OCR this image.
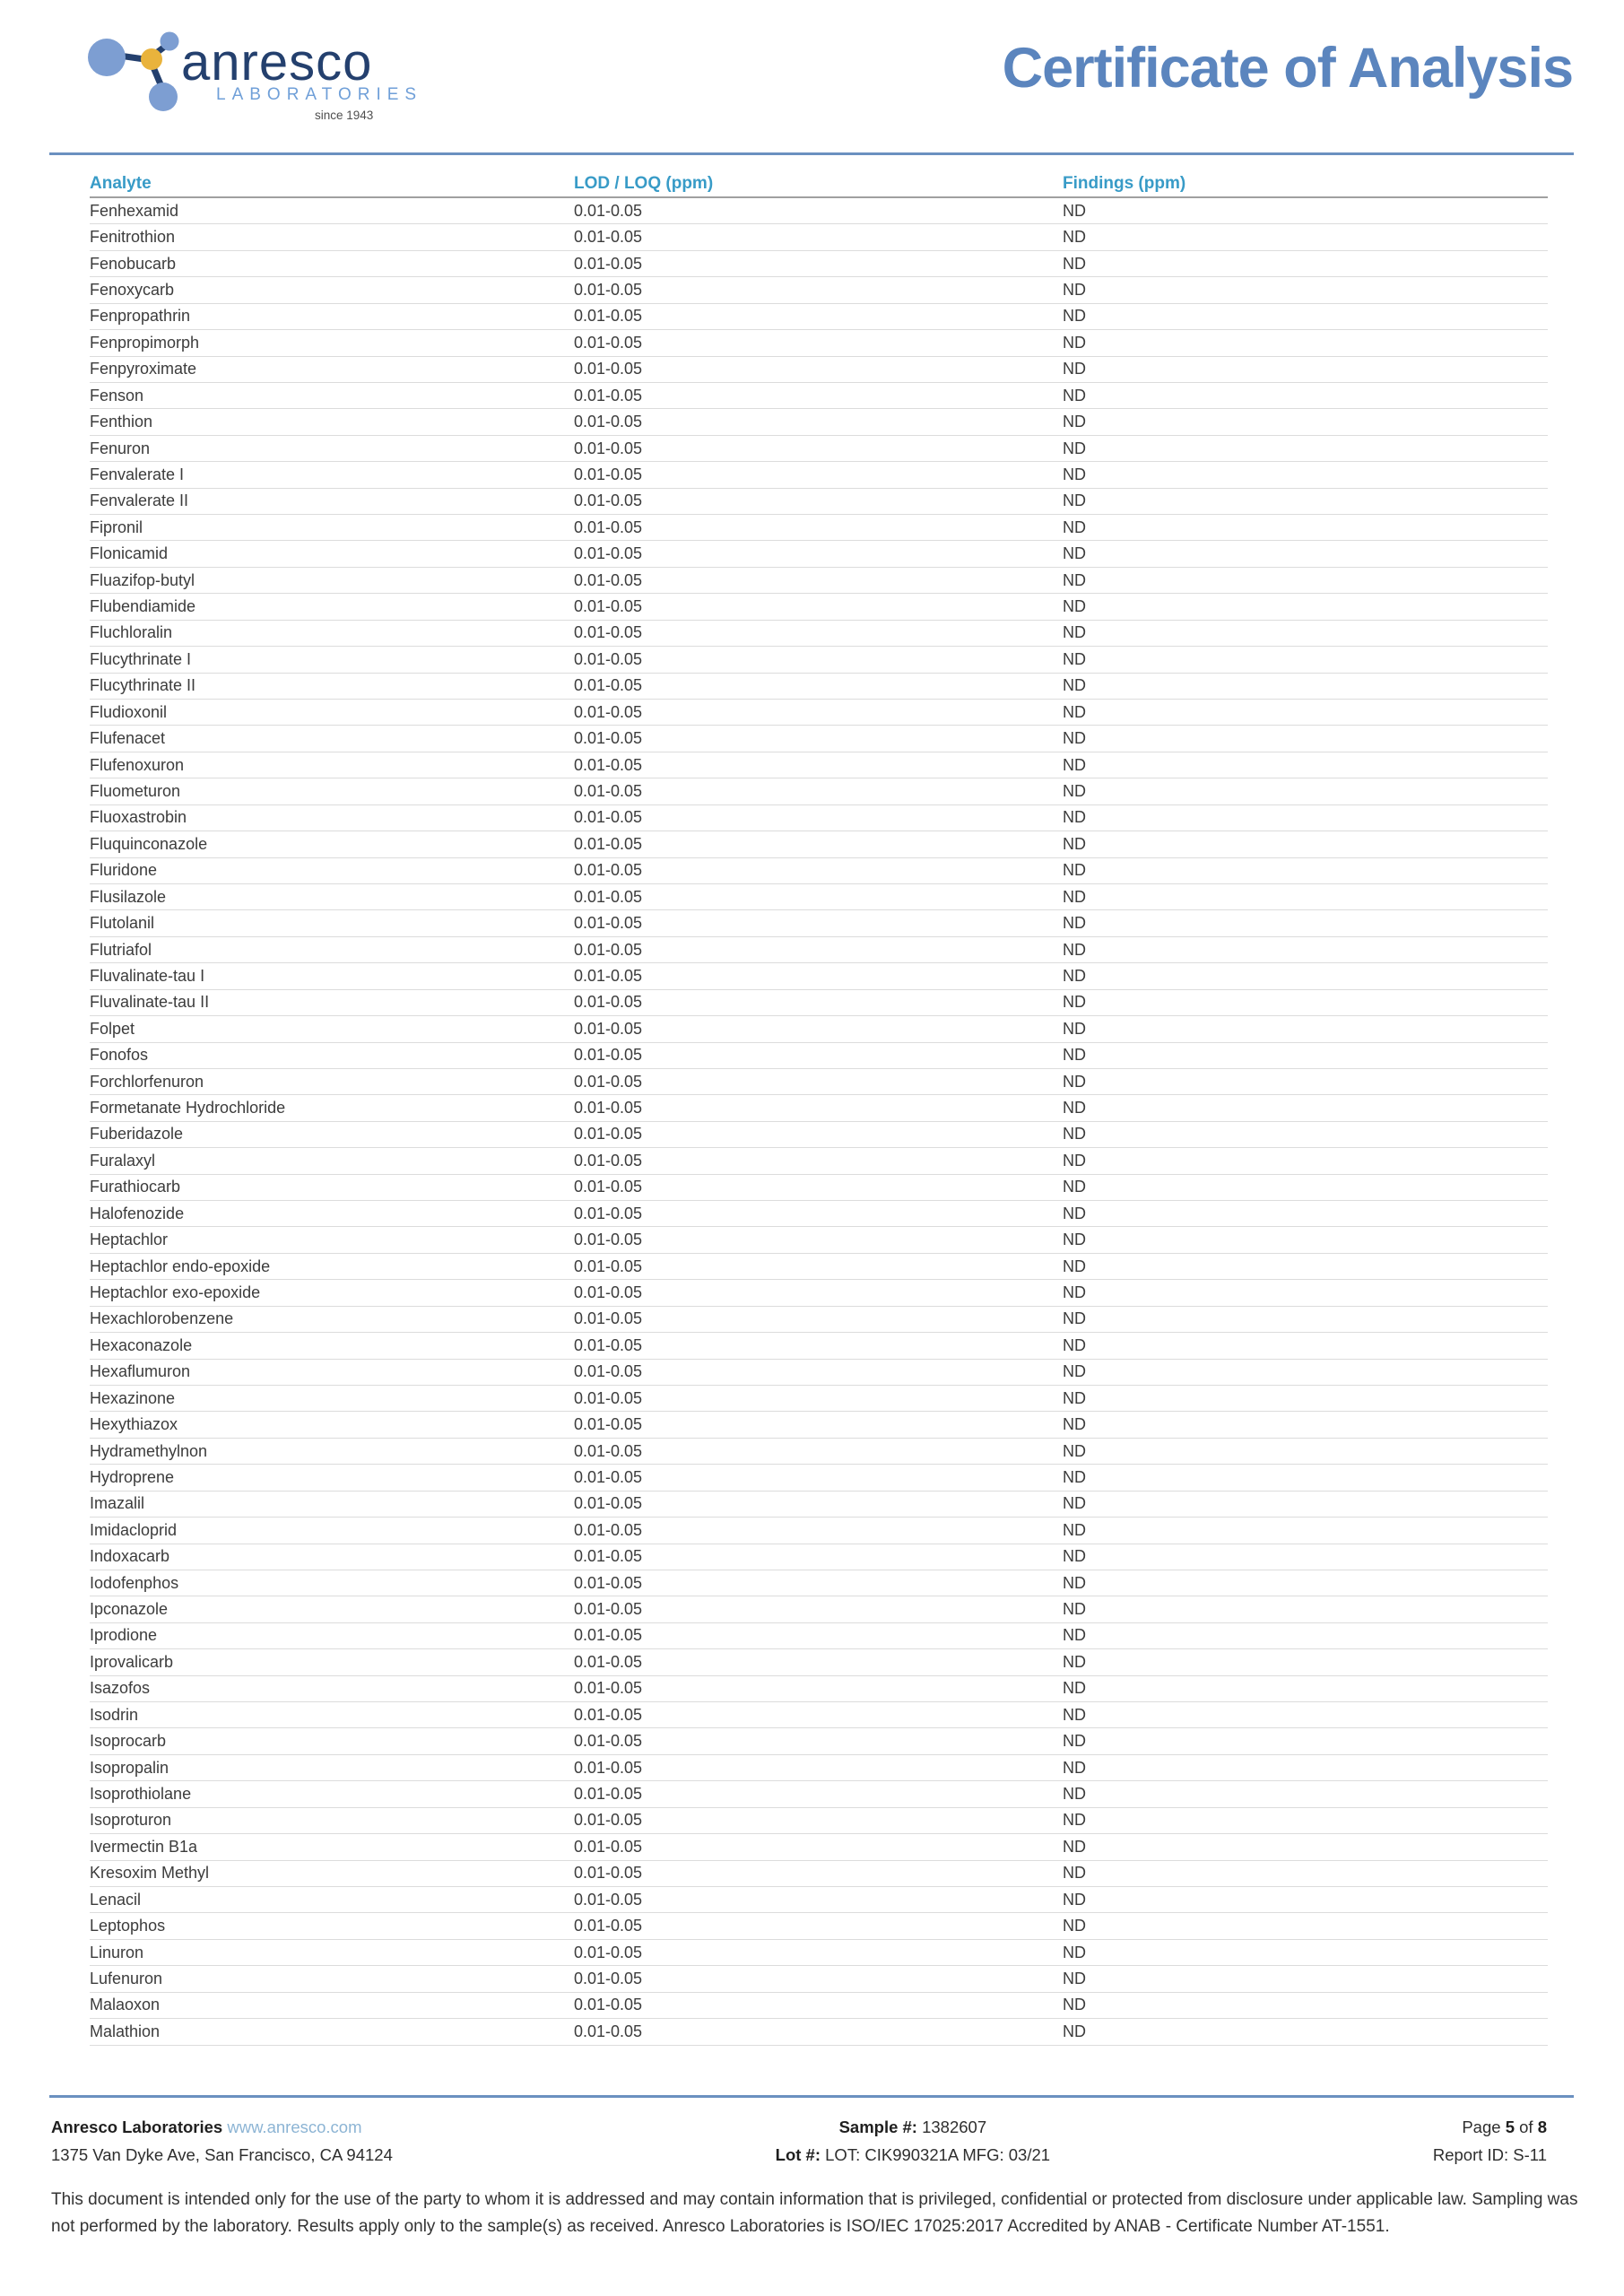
anresco
LABORATORIES
since 1943
Certificate of Analysis
Analyte	LOD / LOQ (ppm)	Findings (ppm)
Fenhexamid	0.01-0.05	ND
Fenitrothion	0.01-0.05	ND
Fenobucarb	0.01-0.05	ND
Fenoxycarb	0.01-0.05	ND
Fenpropathrin	0.01-0.05	ND
Fenpropimorph	0.01-0.05	ND
Fenpyroximate	0.01-0.05	ND
Fenson	0.01-0.05	ND
Fenthion	0.01-0.05	ND
Fenuron	0.01-0.05	ND
Fenvalerate I	0.01-0.05	ND
Fenvalerate II	0.01-0.05	ND
Fipronil	0.01-0.05	ND
Flonicamid	0.01-0.05	ND
Fluazifop-butyl	0.01-0.05	ND
Flubendiamide	0.01-0.05	ND
Fluchloralin	0.01-0.05	ND
Flucythrinate I	0.01-0.05	ND
Flucythrinate II	0.01-0.05	ND
Fludioxonil	0.01-0.05	ND
Flufenacet	0.01-0.05	ND
Flufenoxuron	0.01-0.05	ND
Fluometuron	0.01-0.05	ND
Fluoxastrobin	0.01-0.05	ND
Fluquinconazole	0.01-0.05	ND
Fluridone	0.01-0.05	ND
Flusilazole	0.01-0.05	ND
Flutolanil	0.01-0.05	ND
Flutriafol	0.01-0.05	ND
Fluvalinate-tau I	0.01-0.05	ND
Fluvalinate-tau II	0.01-0.05	ND
Folpet	0.01-0.05	ND
Fonofos	0.01-0.05	ND
Forchlorfenuron	0.01-0.05	ND
Formetanate Hydrochloride	0.01-0.05	ND
Fuberidazole	0.01-0.05	ND
Furalaxyl	0.01-0.05	ND
Furathiocarb	0.01-0.05	ND
Halofenozide	0.01-0.05	ND
Heptachlor	0.01-0.05	ND
Heptachlor endo-epoxide	0.01-0.05	ND
Heptachlor exo-epoxide	0.01-0.05	ND
Hexachlorobenzene	0.01-0.05	ND
Hexaconazole	0.01-0.05	ND
Hexaflumuron	0.01-0.05	ND
Hexazinone	0.01-0.05	ND
Hexythiazox	0.01-0.05	ND
Hydramethylnon	0.01-0.05	ND
Hydroprene	0.01-0.05	ND
Imazalil	0.01-0.05	ND
Imidacloprid	0.01-0.05	ND
Indoxacarb	0.01-0.05	ND
Iodofenphos	0.01-0.05	ND
Ipconazole	0.01-0.05	ND
Iprodione	0.01-0.05	ND
Iprovalicarb	0.01-0.05	ND
Isazofos	0.01-0.05	ND
Isodrin	0.01-0.05	ND
Isoprocarb	0.01-0.05	ND
Isopropalin	0.01-0.05	ND
Isoprothiolane	0.01-0.05	ND
Isoproturon	0.01-0.05	ND
Ivermectin B1a	0.01-0.05	ND
Kresoxim Methyl	0.01-0.05	ND
Lenacil	0.01-0.05	ND
Leptophos	0.01-0.05	ND
Linuron	0.01-0.05	ND
Lufenuron	0.01-0.05	ND
Malaoxon	0.01-0.05	ND
Malathion	0.01-0.05	ND
Anresco Laboratories www.anresco.com
1375 Van Dyke Ave, San Francisco, CA 94124
Sample #: 1382607
Lot #: LOT: CIK990321A MFG: 03/21
Page 5 of 8
Report ID: S-11
This document is intended only for the use of the party to whom it is addressed and may contain information that is privileged, confidential or protected from disclosure under applicable law. Sampling was not performed by the laboratory. Results apply only to the sample(s) as received. Anresco Laboratories is ISO/IEC 17025:2017 Accredited by ANAB - Certificate Number AT-1551.
